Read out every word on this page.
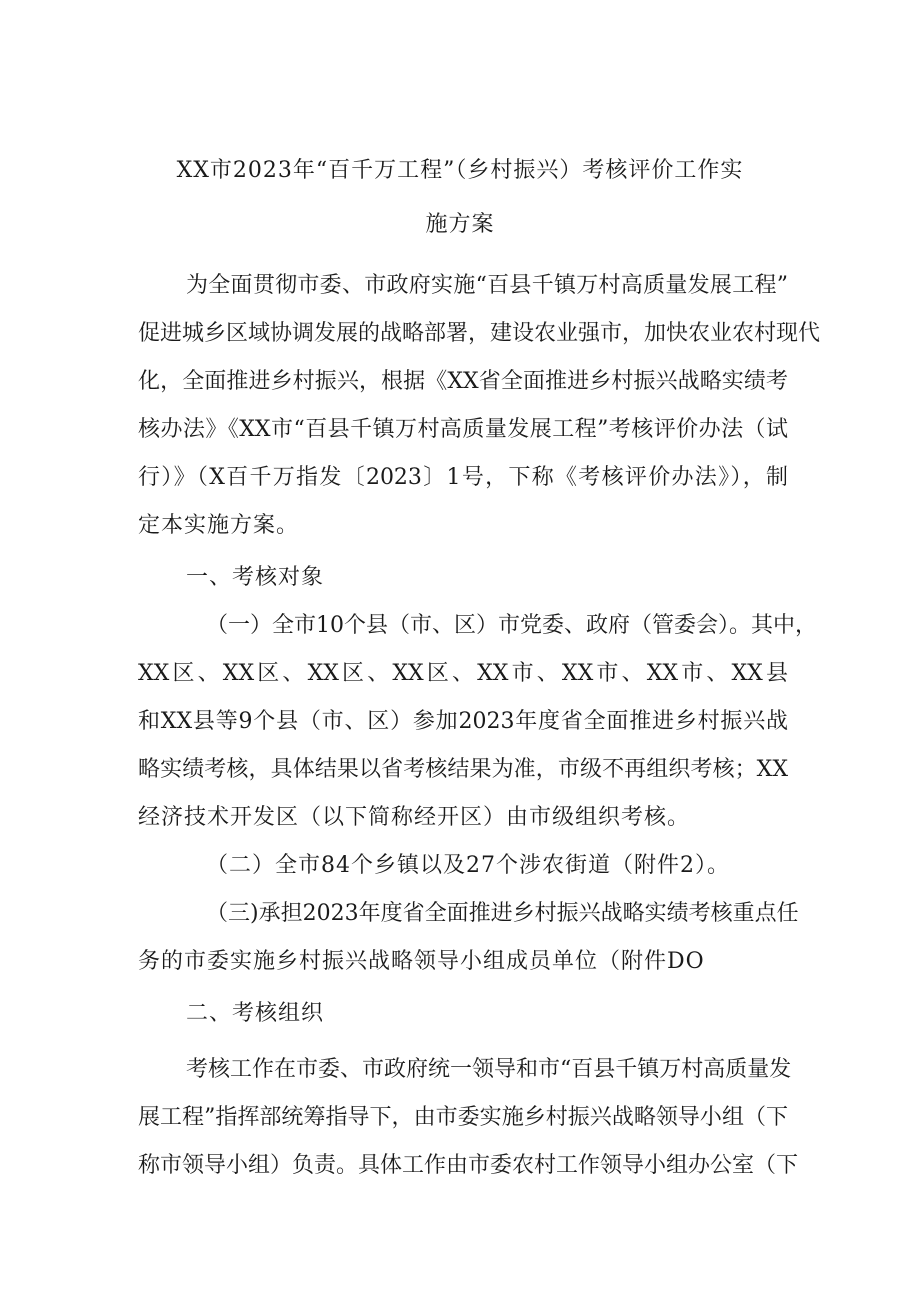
XX市2023年“百千万工程”（乡村振兴）考核评价工作实
施方案
为全面贯彻市委、市政府实施“百县千镇万村高质量发展工程”
促进城乡区域协调发展的战略部署，建设农业强市，加快农业农村现代
化，全面推进乡村振兴，根据《XX省全面推进乡村振兴战略实绩考
核办法》《XX市“百县千镇万村高质量发展工程”考核评价办法（试
行）》（X百千万指发〔2023〕1号，下称《考核评价办法》），制
定本实施方案。
一、考核对象
（一）全市10个县（市、区）市党委、政府（管委会）。其中，
XX区、XX区、XX区、XX区、XX市、XX市、XX市、XX县
和XX县等9个县（市、区）参加2023年度省全面推进乡村振兴战
略实绩考核，具体结果以省考核结果为准，市级不再组织考核；XX
经济技术开发区（以下简称经开区）由市级组织考核。
（二）全市84个乡镇以及27个涉农街道（附件2）。
（三)承担2023年度省全面推进乡村振兴战略实绩考核重点任
务的市委实施乡村振兴战略领导小组成员单位（附件DO
二、考核组织
考核工作在市委、市政府统一领导和市“百县千镇万村高质量发
展工程”指挥部统筹指导下，由市委实施乡村振兴战略领导小组（下
称市领导小组）负责。具体工作由市委农村工作领导小组办公室（下
